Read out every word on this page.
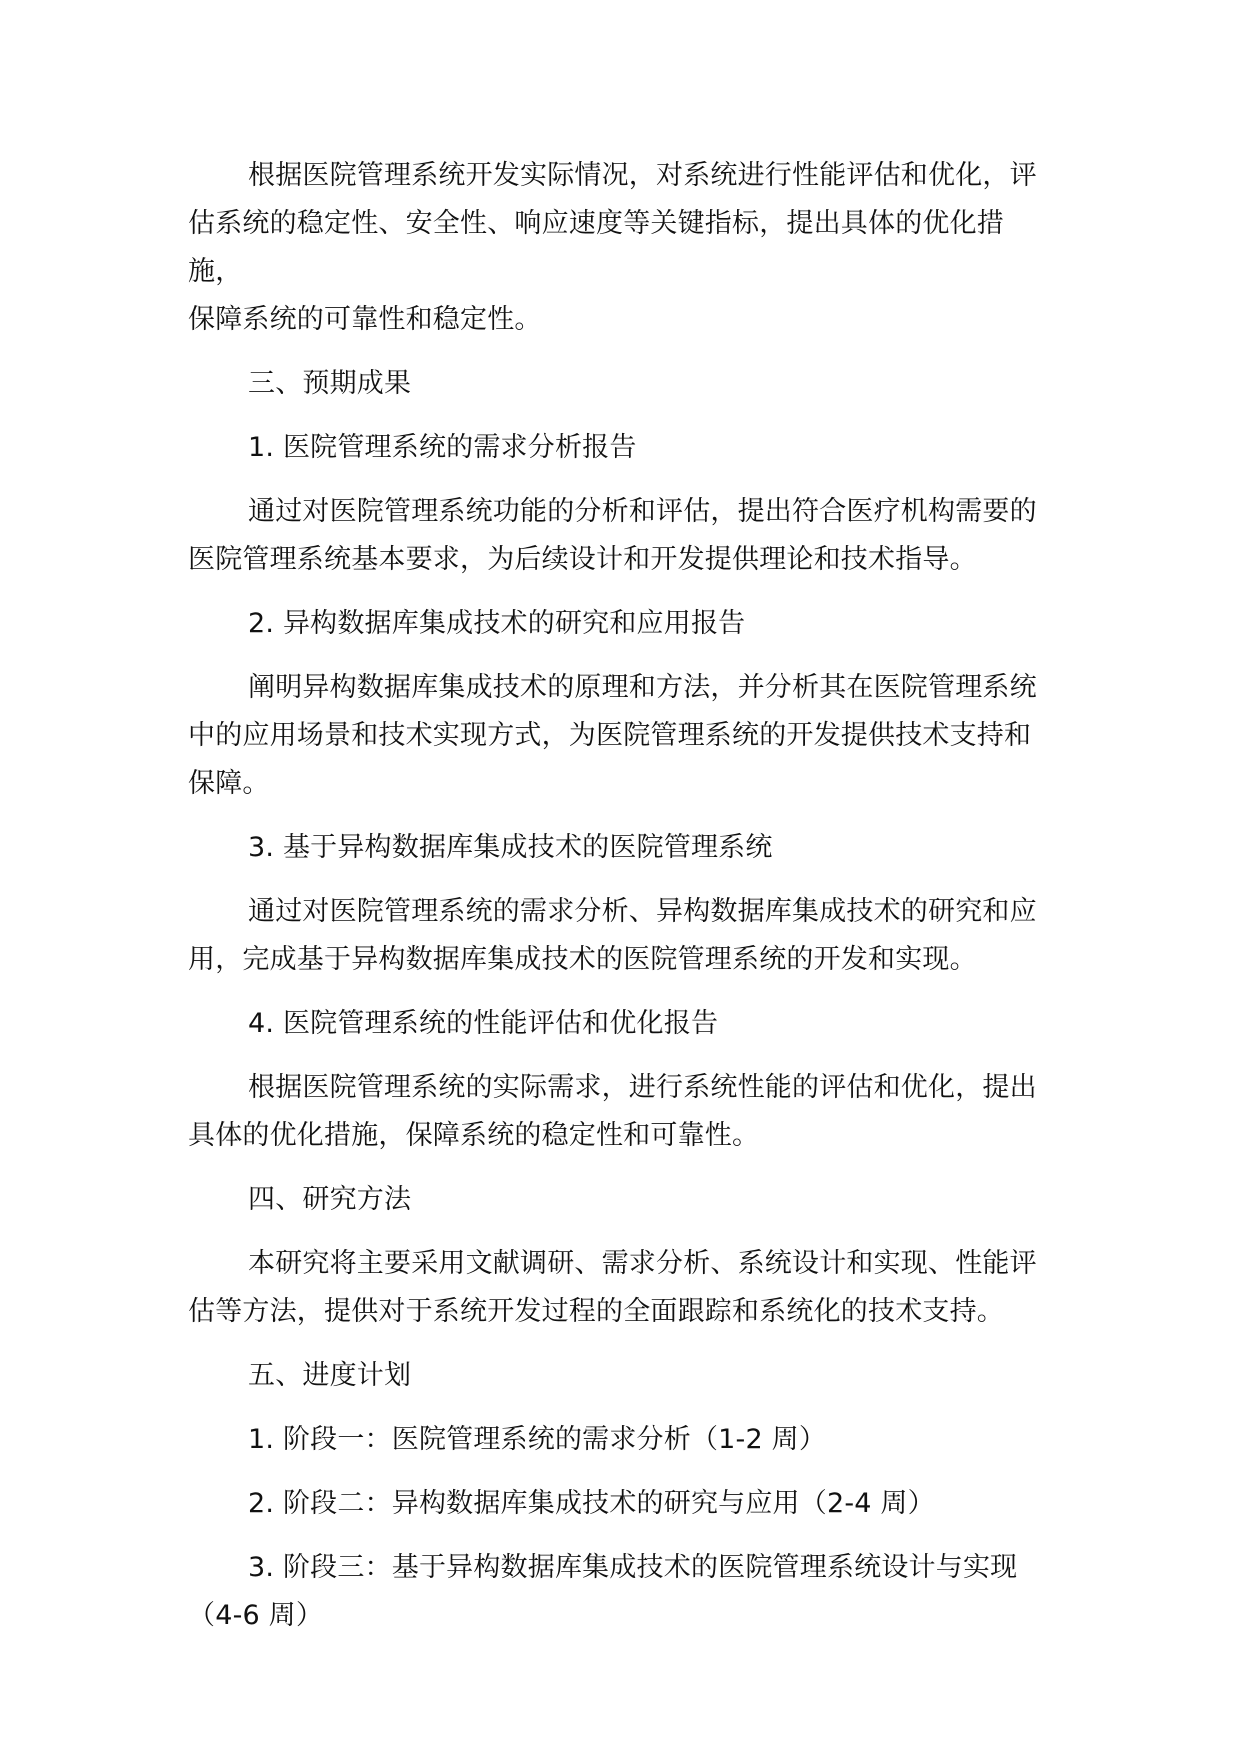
根据医院管理系统开发实际情况，对系统进行性能评估和优化，评
估系统的稳定性、安全性、响应速度等关键指标，提出具体的优化措施，
保障系统的可靠性和稳定性。

三、预期成果

1. 医院管理系统的需求分析报告

通过对医院管理系统功能的分析和评估，提出符合医疗机构需要的
医院管理系统基本要求，为后续设计和开发提供理论和技术指导。

2. 异构数据库集成技术的研究和应用报告

阐明异构数据库集成技术的原理和方法，并分析其在医院管理系统
中的应用场景和技术实现方式，为医院管理系统的开发提供技术支持和
保障。

3. 基于异构数据库集成技术的医院管理系统

通过对医院管理系统的需求分析、异构数据库集成技术的研究和应
用，完成基于异构数据库集成技术的医院管理系统的开发和实现。

4. 医院管理系统的性能评估和优化报告

根据医院管理系统的实际需求，进行系统性能的评估和优化，提出
具体的优化措施，保障系统的稳定性和可靠性。

四、研究方法

本研究将主要采用文献调研、需求分析、系统设计和实现、性能评
估等方法，提供对于系统开发过程的全面跟踪和系统化的技术支持。

五、进度计划

1. 阶段一：医院管理系统的需求分析（1-2 周）

2. 阶段二：异构数据库集成技术的研究与应用（2-4 周）

3. 阶段三：基于异构数据库集成技术的医院管理系统设计与实现
（4-6 周）
